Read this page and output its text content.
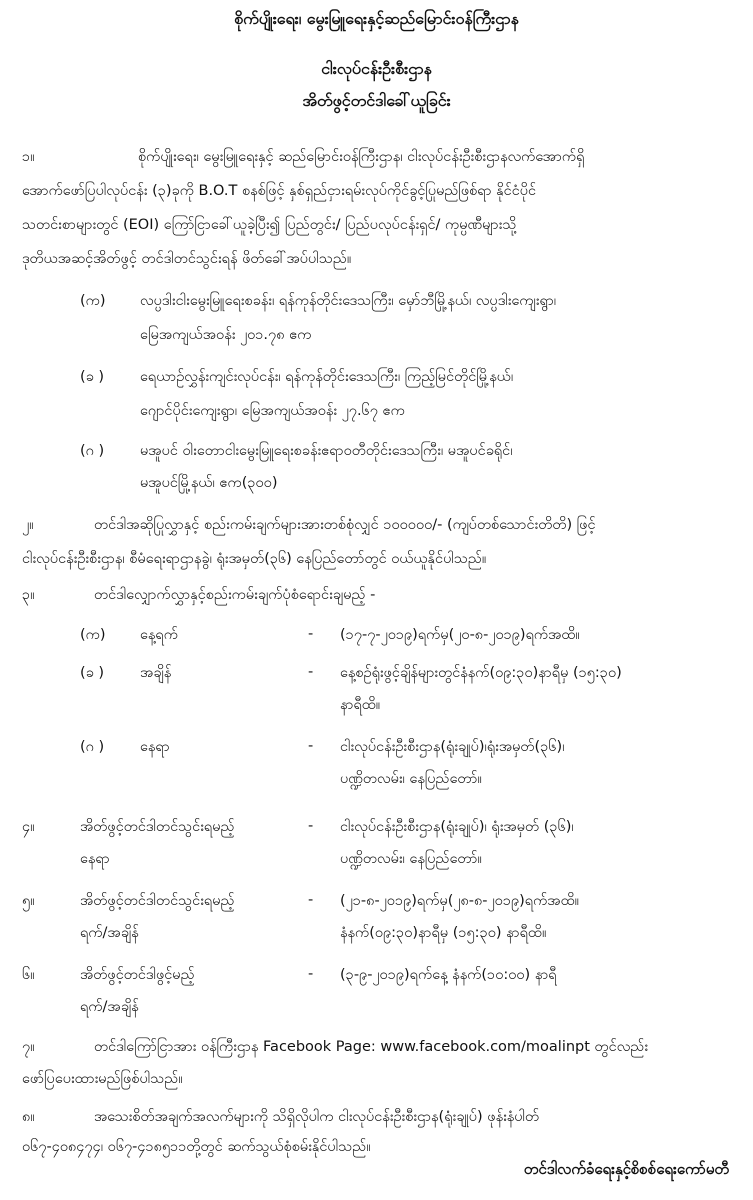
စိုက်ပျိုးရေး၊ မွေးမြူရေးနှင့်ဆည်မြောင်းဝန်ကြီးဌာန
ငါးလုပ်ငန်းဦးစီးဌာန
အိတ်ဖွင့်တင်ဒါခေါ်ယူခြင်း
၁။	စိုက်ပျိုးရေး၊ မွေးမြူရေးနှင့် ဆည်မြောင်းဝန်ကြီးဌာန၊ ငါးလုပ်ငန်းဦးစီးဌာနလက်အောက်ရှိ
အောက်ဖော်ပြပါလုပ်ငန်း (၃)ခုကို B.O.T စနစ်ဖြင့် နှစ်ရှည်ငှားရမ်းလုပ်ကိုင်ခွင့်ပြုမည်ဖြစ်ရာ နိုင်ငံပိုင်
သတင်းစာများတွင် (EOI) ကြော်ငြာခေါ်ယူခဲ့ပြီး၍ ပြည်တွင်း/ ပြည်ပလုပ်ငန်းရှင်/ ကုမ္ပဏီများသို့
ဒုတိယအဆင့်အိတ်ဖွင့် တင်ဒါတင်သွင်းရန် ဖိတ်ခေါ်အပ်ပါသည်။
(က) လပ္ပဒါးငါးမွေးမြူရေးစခန်း၊ ရန်ကုန်တိုင်းဒေသကြီး၊ မှော်ဘီမြို့နယ်၊ လပ္ပဒါးကျေးရွာ၊
မြေအကျယ်အဝန်း ၂၀၁.၇၈ ဧက
(ခ ) ရေယာဉ်လွှန်းကျင်းလုပ်ငန်း၊ ရန်ကုန်တိုင်းဒေသကြီး၊ ကြည့်မြင်တိုင်မြို့နယ်၊
ဂျောင်ပိုင်းကျေးရွာ၊ မြေအကျယ်အဝန်း ၂၇.၆၇ ဧက
(ဂ ) မအူပင် ဝါးတောငါးမွေးမြူရေးစခန်းဧရာဝတီတိုင်းဒေသကြီး၊ မအူပင်ခရိုင်၊
မအူပင်မြို့နယ်၊ ဧက(၃၀၀)
၂။	တင်ဒါအဆိုပြုလွှာနှင့် စည်းကမ်းချက်များအားတစ်စုံလျှင် ၁၀၀၀၀၀/- (ကျပ်တစ်သောင်းတိတိ) ဖြင့်
ငါးလုပ်ငန်းဦးစီးဌာန၊ စီမံရေးရာဌာနခွဲ၊ ရုံးအမှတ်(၃၆) နေပြည်တော်တွင် ဝယ်ယူနိုင်ပါသည်။
၃။	တင်ဒါလျှောက်လွှာနှင့်စည်းကမ်းချက်ပုံစံရောင်းချမည့် -
(က) နေ့ရက်	- (၁၇-၇-၂၀၁၉)ရက်မှ(၂၀-၈-၂၀၁၉)ရက်အထိ။
(ခ ) အချိန်	- နေ့စဉ်ရုံးဖွင့်ချိန်များတွင်နံနက်(၀၉:၃၀)နာရီမှ (၁၅:၃၀)
နာရီထိ။
(ဂ ) နေရာ	- ငါးလုပ်ငန်းဦးစီးဌာန(ရုံးချုပ်)၊ရုံးအမှတ်(၃၆)၊
ပဏ္ဍိတလမ်း၊ နေပြည်တော်။
၄။	အိတ်ဖွင့်တင်ဒါတင်သွင်းရမည့်
နေရာ
- ငါးလုပ်ငန်းဦးစီးဌာန(ရုံးချုပ်)၊ ရုံးအမှတ် (၃၆)၊
ပဏ္ဍိတလမ်း၊ နေပြည်တော်။
၅။	အိတ်ဖွင့်တင်ဒါတင်သွင်းရမည့်
ရက်/အချိန်
- (၂၁-၈-၂၀၁၉)ရက်မှ(၂၈-၈-၂၀၁၉)ရက်အထိ။
နံနက်(၀၉:၃၀)နာရီမှ (၁၅:၃၀) နာရီထိ။
၆။	အိတ်ဖွင့်တင်ဒါဖွင့်မည့်
ရက်/အချိန်
- (၃-၉-၂၀၁၉)ရက်နေ့ နံနက်(၁၀:၀၀) နာရီ
၇။	တင်ဒါကြော်ငြာအား ဝန်ကြီးဌာန Facebook Page: www.facebook.com/moalinpt တွင်လည်း
ဖော်ပြပေးထားမည်ဖြစ်ပါသည်။
၈။	အသေးစိတ်အချက်အလက်များကို သိရှိလိုပါက ငါးလုပ်ငန်းဦးစီးဌာန(ရုံးချုပ်) ဖုန်းနံပါတ်
၀၆၇-၄၀၈၄၇၄၊ ၀၆၇-၄၁၈၅၁၁တို့တွင် ဆက်သွယ်စုံစမ်းနိုင်ပါသည်။
တင်ဒါလက်ခံရေးနှင့်စိစစ်ရေးကော်မတီ
